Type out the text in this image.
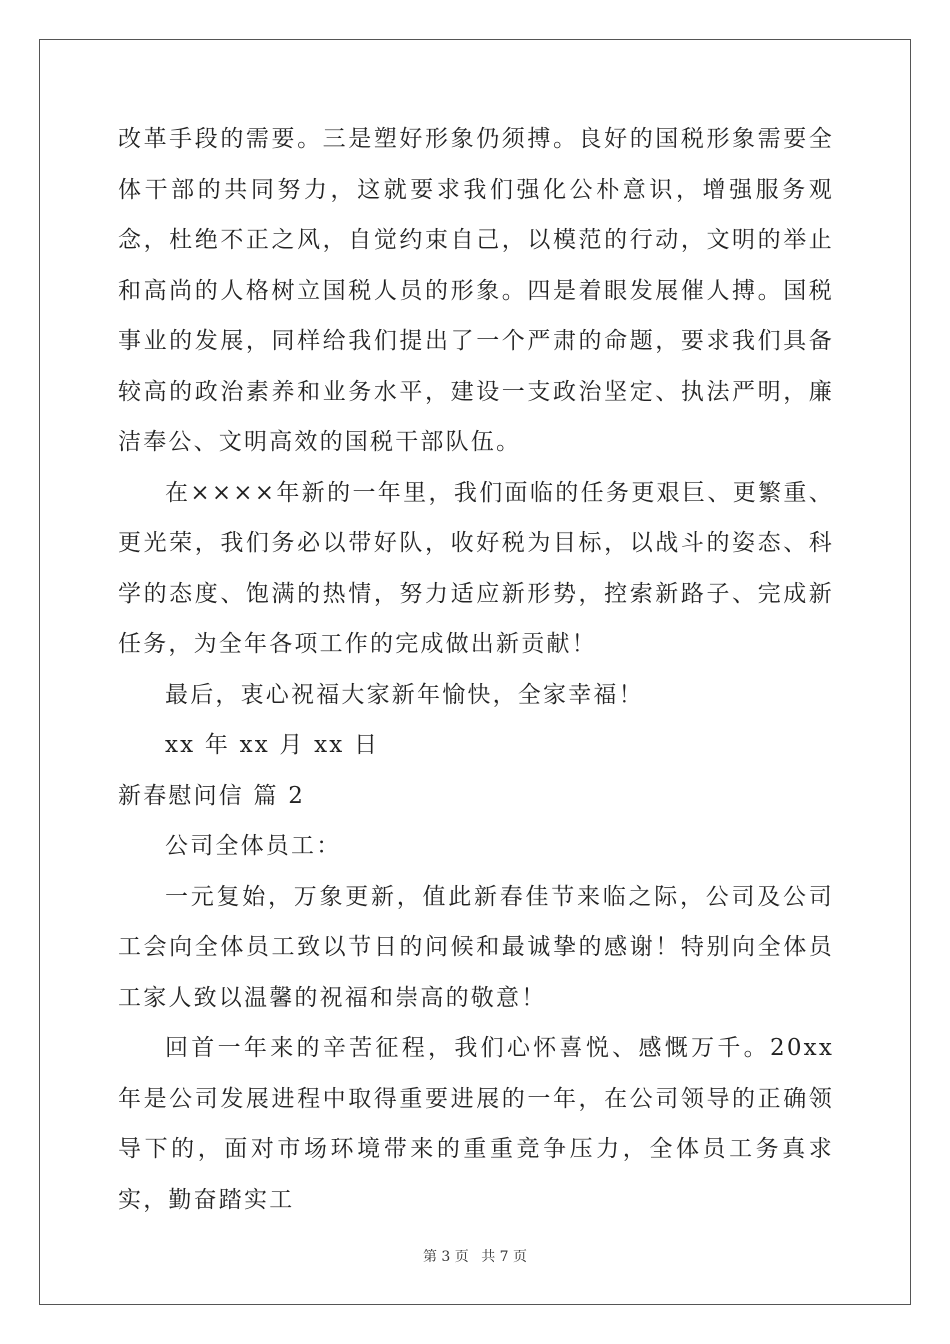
改革手段的需要。三是塑好形象仍须搏。良好的国税形象需要全体干部的共同努力，这就要求我们强化公朴意识，增强服务观念，杜绝不正之风，自觉约束自己，以模范的行动，文明的举止和高尚的人格树立国税人员的形象。四是着眼发展催人搏。国税事业的发展，同样给我们提出了一个严肃的命题，要求我们具备较高的政治素养和业务水平，建设一支政治坚定、执法严明，廉洁奉公、文明高效的国税干部队伍。

在××××年新的一年里，我们面临的任务更艰巨、更繁重、更光荣，我们务必以带好队，收好税为目标，以战斗的姿态、科学的态度、饱满的热情，努力适应新形势，控索新路子、完成新任务，为全年各项工作的完成做出新贡献！

最后，衷心祝福大家新年愉快，全家幸福！

xx 年 xx 月 xx 日

新春慰问信 篇 2

公司全体员工：

一元复始，万象更新，值此新春佳节来临之际，公司及公司工会向全体员工致以节日的问候和最诚挚的感谢！特别向全体员工家人致以温馨的祝福和崇高的敬意！

回首一年来的辛苦征程，我们心怀喜悦、感慨万千。20xx 年是公司发展进程中取得重要进展的一年，在公司领导的正确领导下的，面对市场环境带来的重重竞争压力，全体员工务真求实，勤奋踏实工

第 3 页 共 7 页
